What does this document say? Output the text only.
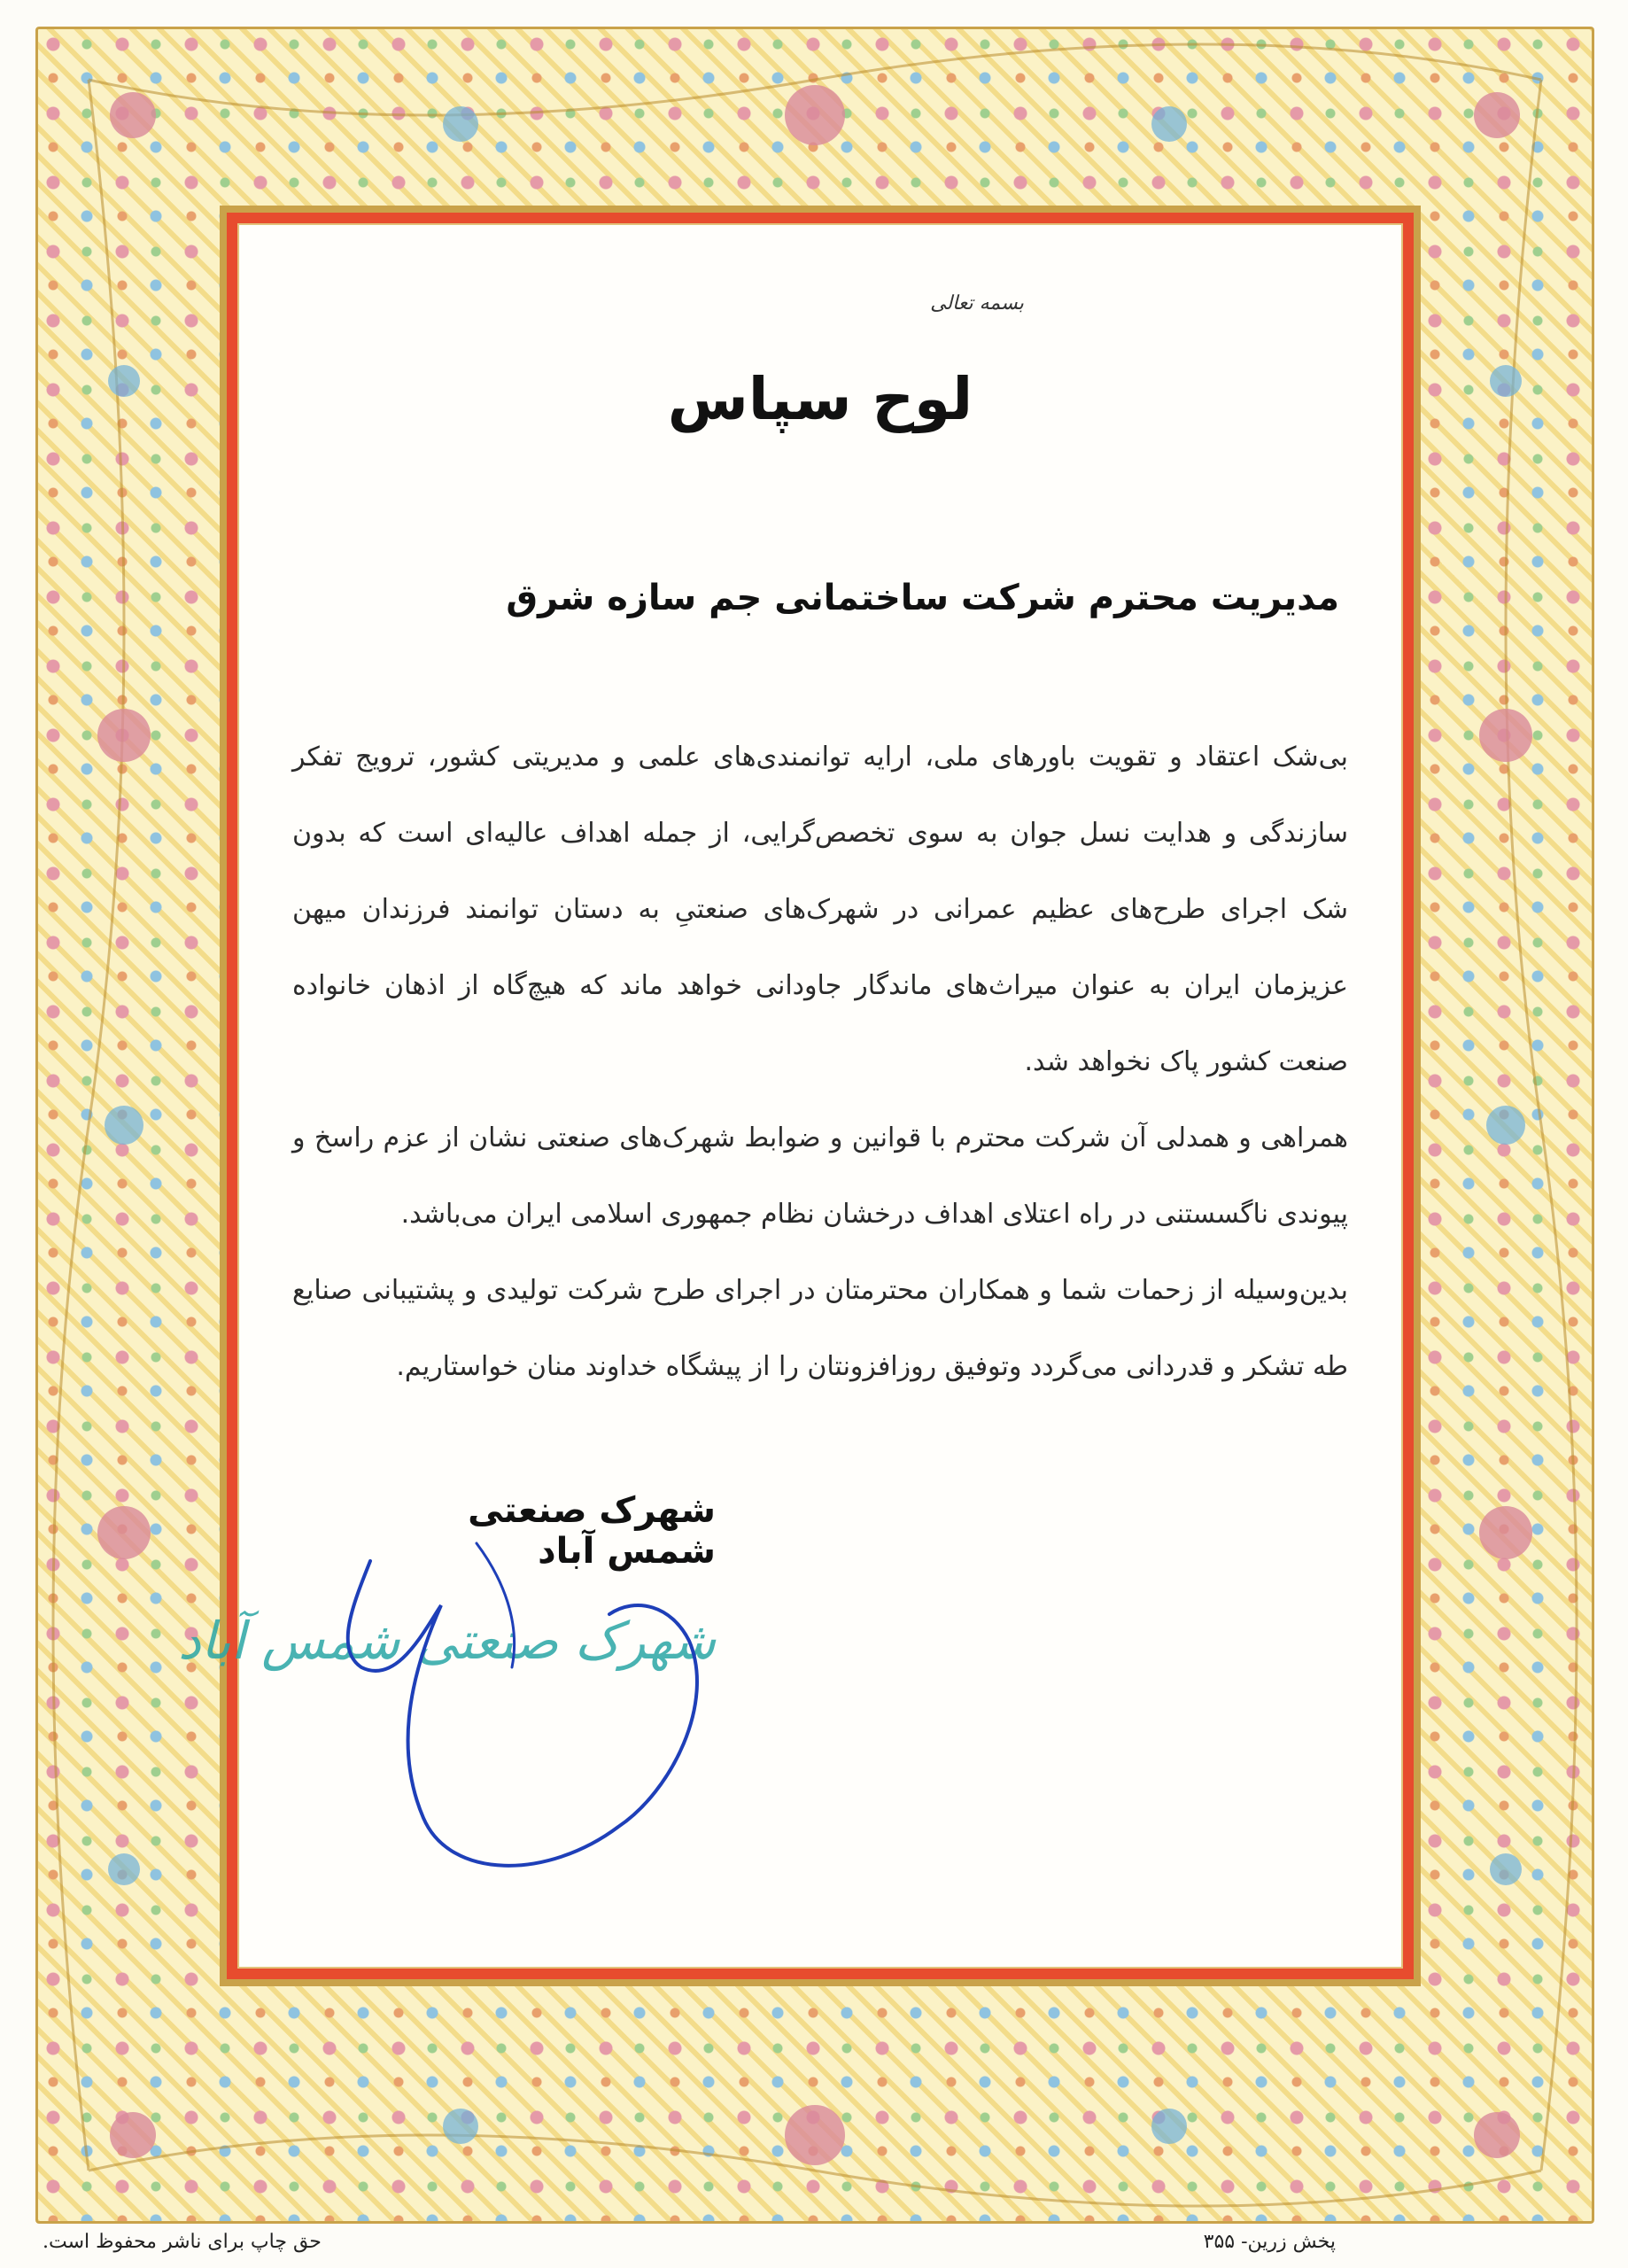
بسمه تعالی
لوح سپاس
مدیریت محترم شرکت ساختمانی جم سازه شرق

بی‌شک اعتقاد و تقویت باورهای ملی، ارایه توانمندی‌های علمی و مدیریتی کشور، ترویج تفکر سازندگی و هدایت نسل جوان به سوی تخصص‌گرایی، از جمله اهداف عالیه‌ای است که بدون شک اجرای طرح‌های عظیم عمرانی در شهرک‌های صنعتیِ به دستان توانمند فرزندان میهن عزیزمان ایران به عنوان میراث‌های ماندگار جاودانی خواهد ماند که هیچ‌گاه از اذهان خانواده صنعت کشور پاک نخواهد شد.

همراهی و همدلی آن شرکت محترم با قوانین و ضوابط شهرک‌های صنعتی نشان از عزم راسخ و پیوندی ناگسستنی در راه اعتلای اهداف درخشان نظام جمهوری اسلامی ایران می‌باشد.

بدین‌وسیله از زحمات شما و همکاران محترمتان در اجرای طرح شرکت تولیدی و پشتیبانی صنایع طه تشکر و قدردانی می‌گردد وتوفیق روزافزونتان را از پیشگاه خداوند منان خواستاریم.

شهرک صنعتی شمس آباد
شهرک صنعتی شمس آباد
حق چاپ برای ناشر محفوظ است.	پخش زرین- ۳۵۵
